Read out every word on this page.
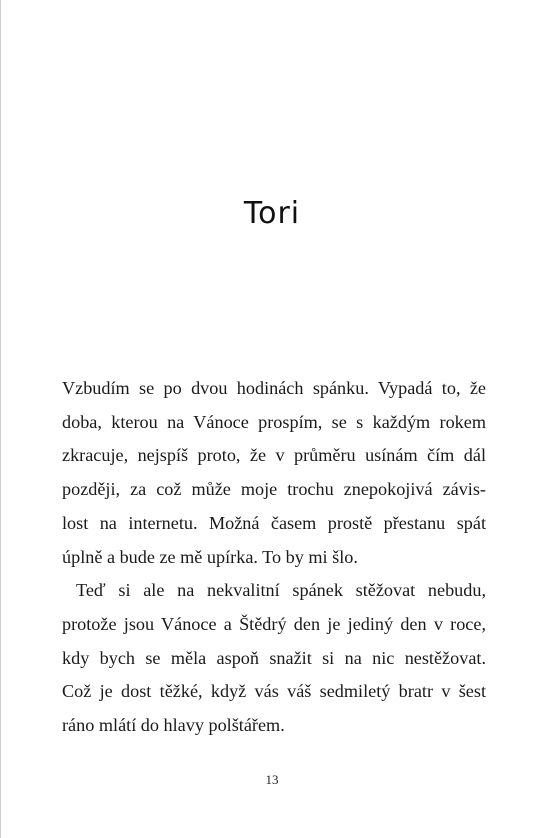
Tori
Vzbudím se po dvou hodinách spánku. Vypadá to, že
doba, kterou na Vánoce prospím, se s každým rokem
zkracuje, nejspíš proto, že v průměru usínám čím dál
později, za což může moje trochu znepokojivá závis-
lost na internetu. Možná časem prostě přestanu spát
úplně a bude ze mě upírka. To by mi šlo.
Teď si ale na nekvalitní spánek stěžovat nebudu,
protože jsou Vánoce a Štědrý den je jediný den v roce,
kdy bych se měla aspoň snažit si na nic nestěžovat.
Což je dost těžké, když vás váš sedmiletý bratr v šest
ráno mlátí do hlavy polštářem.
13
